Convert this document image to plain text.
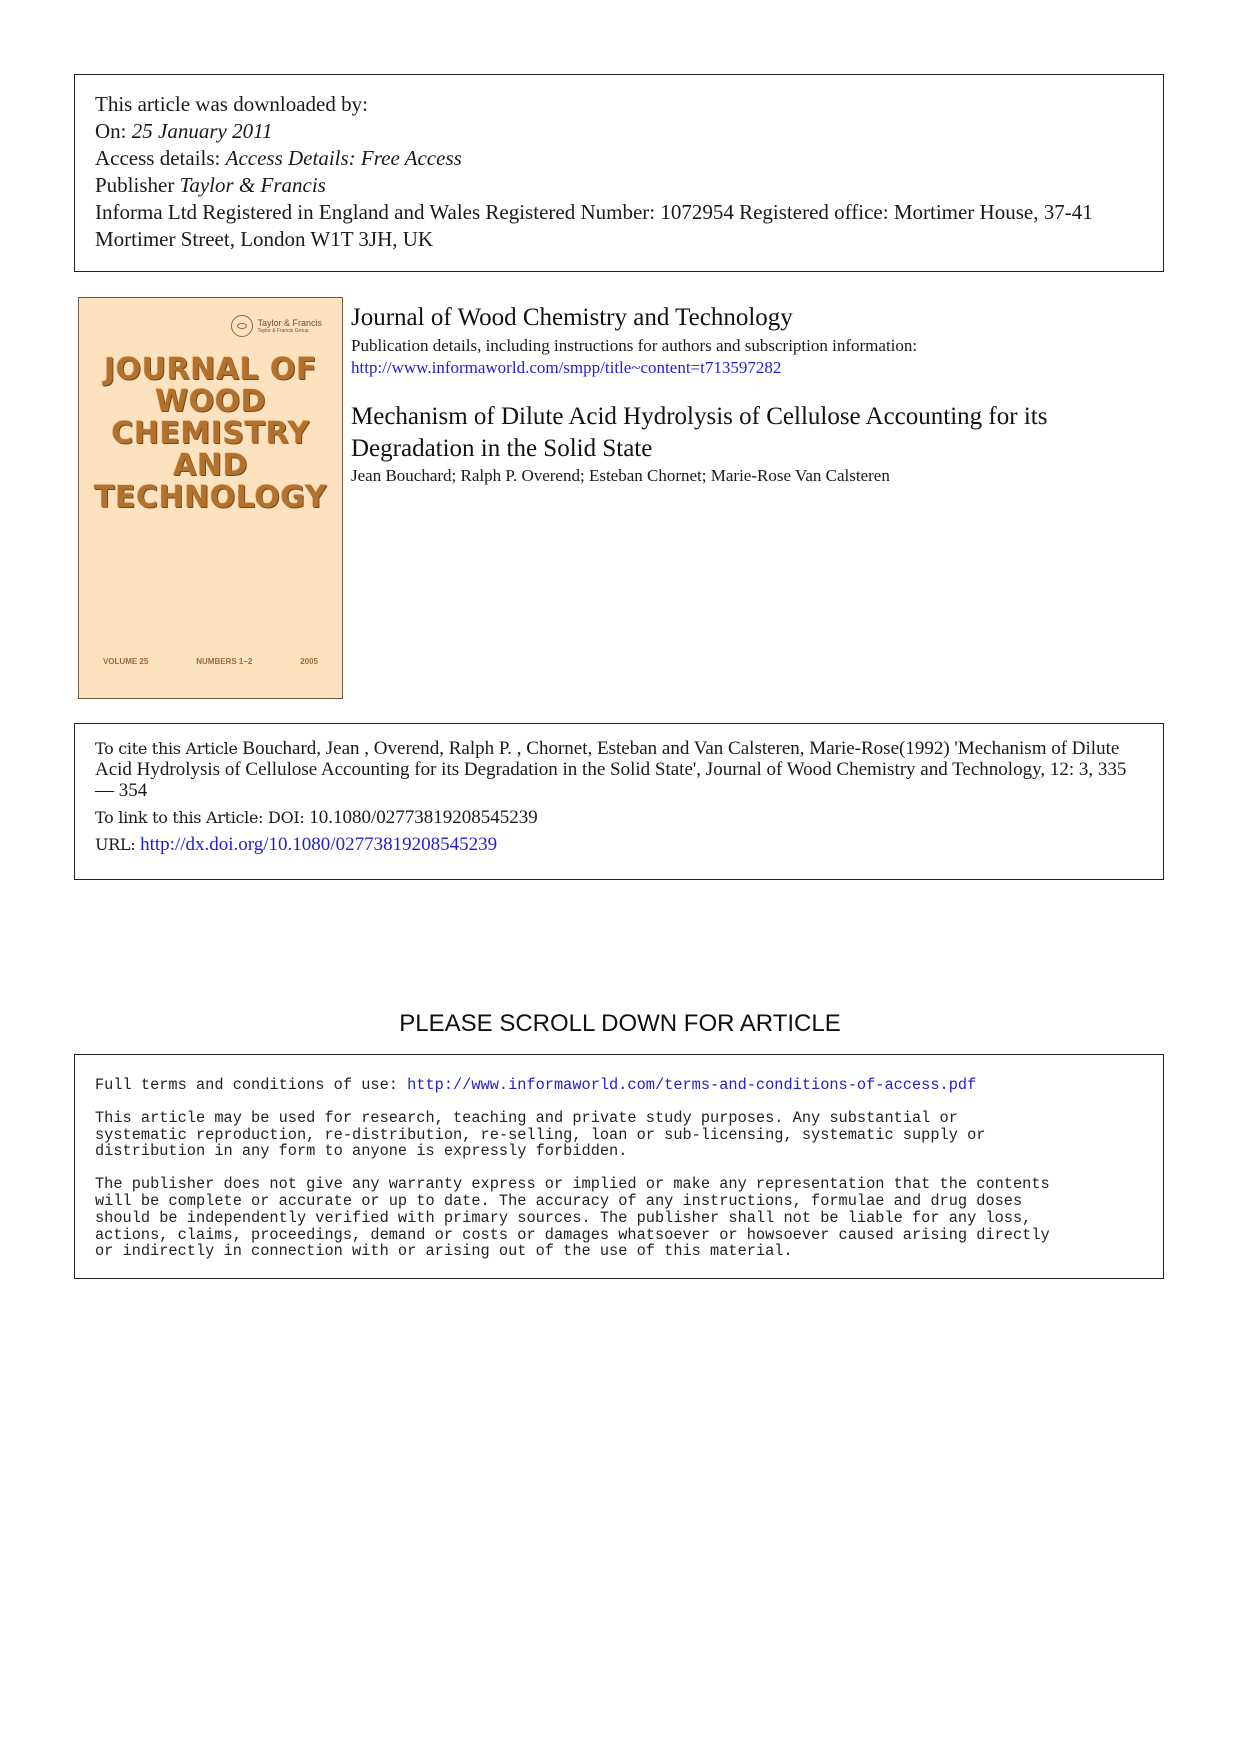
This article was downloaded by:
On: 25 January 2011
Access details: Access Details: Free Access
Publisher Taylor & Francis
Informa Ltd Registered in England and Wales Registered Number: 1072954 Registered office: Mortimer House, 37-41 Mortimer Street, London W1T 3JH, UK
Taylor & Francis
Taylor & Francis Group
JOURNAL OF
WOOD
CHEMISTRY
AND
TECHNOLOGY
VOLUME 25	NUMBERS 1–2	2005
Journal of Wood Chemistry and Technology
Publication details, including instructions for authors and subscription information:
http://www.informaworld.com/smpp/title~content=t713597282
Mechanism of Dilute Acid Hydrolysis of Cellulose Accounting for its Degradation in the Solid State
Jean Bouchard; Ralph P. Overend; Esteban Chornet; Marie-Rose Van Calsteren
To cite this Article Bouchard, Jean , Overend, Ralph P. , Chornet, Esteban and Van Calsteren, Marie-Rose(1992) 'Mechanism of Dilute Acid Hydrolysis of Cellulose Accounting for its Degradation in the Solid State', Journal of Wood Chemistry and Technology, 12: 3, 335 — 354
To link to this Article: DOI: 10.1080/02773819208545239
URL: http://dx.doi.org/10.1080/02773819208545239
PLEASE SCROLL DOWN FOR ARTICLE

Full terms and conditions of use: http://www.informaworld.com/terms-and-conditions-of-access.pdf

This article may be used for research, teaching and private study purposes. Any substantial or
systematic reproduction, re-distribution, re-selling, loan or sub-licensing, systematic supply or
distribution in any form to anyone is expressly forbidden.

The publisher does not give any warranty express or implied or make any representation that the contents
will be complete or accurate or up to date. The accuracy of any instructions, formulae and drug doses
should be independently verified with primary sources. The publisher shall not be liable for any loss,
actions, claims, proceedings, demand or costs or damages whatsoever or howsoever caused arising directly
or indirectly in connection with or arising out of the use of this material.
